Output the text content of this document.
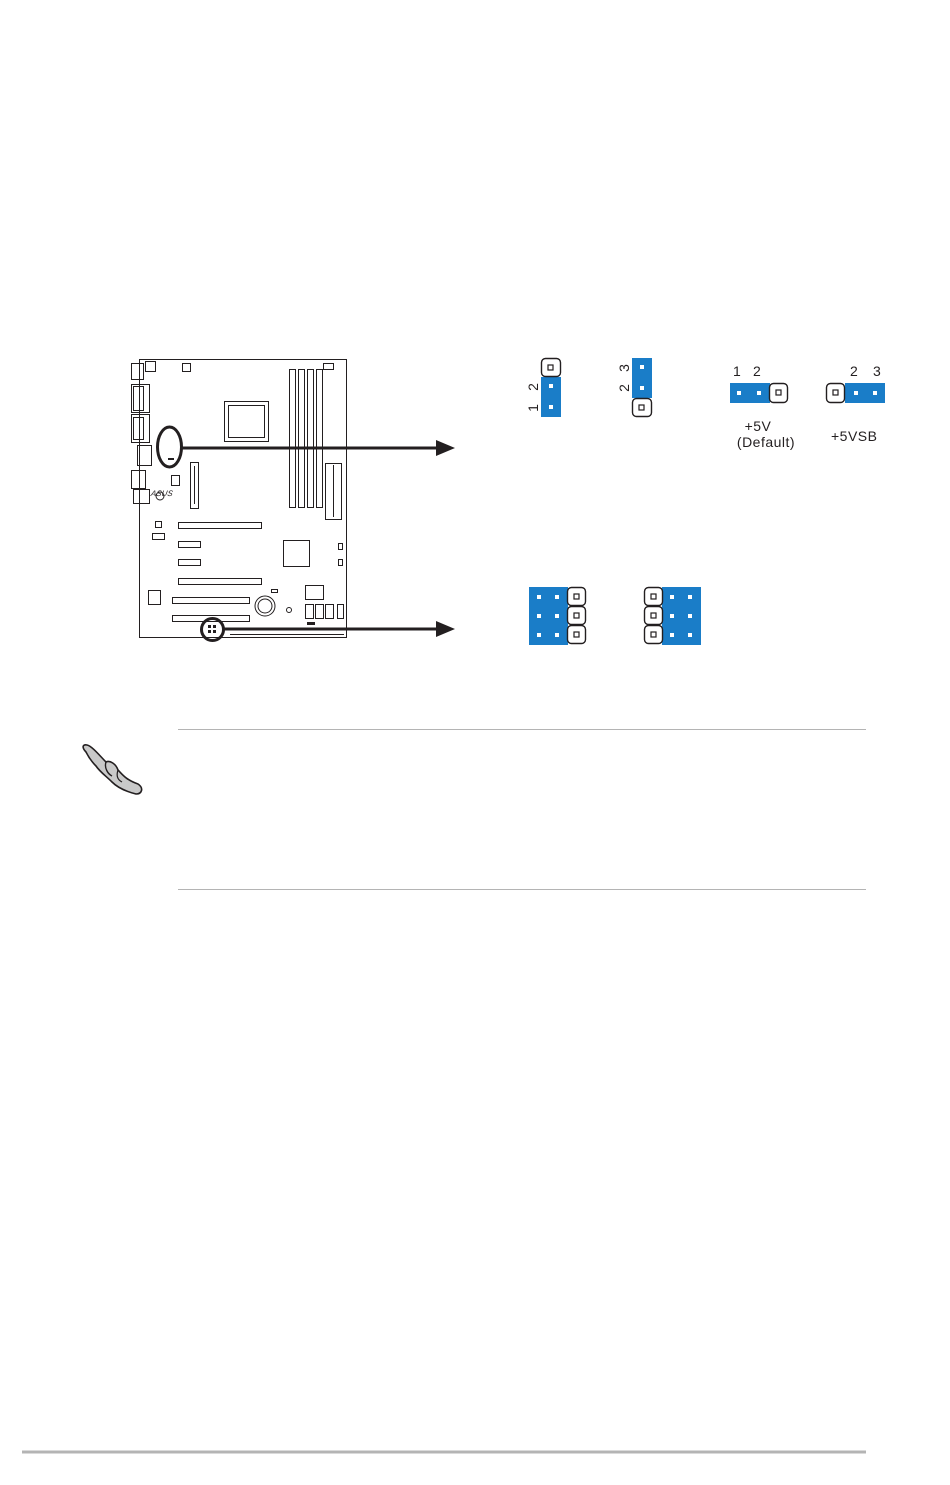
ASUS
1
2	2
3	1 2
+5V
(Default)
2 3
+5VSB
